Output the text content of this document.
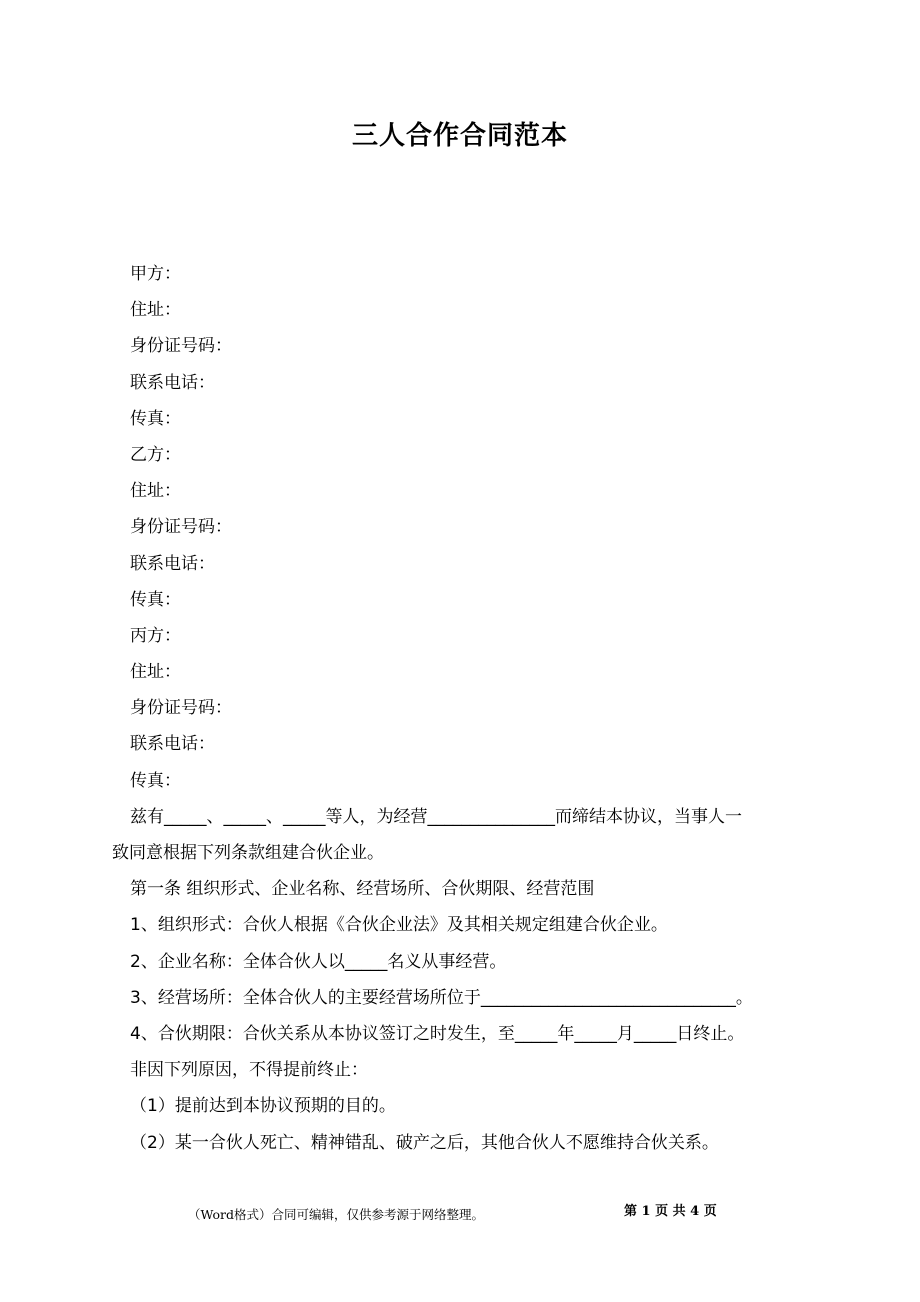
三人合作合同范本
甲方：
住址：
身份证号码：
联系电话：
传真：
乙方：
住址：
身份证号码：
联系电话：
传真：
丙方：
住址：
身份证号码：
联系电话：
传真：
兹有_____、_____、_____等人，为经营_______________而缔结本协议，当事人一
致同意根据下列条款组建合伙企业。
第一条 组织形式、企业名称、经营场所、合伙期限、经营范围
1、组织形式：合伙人根据《合伙企业法》及其相关规定组建合伙企业。
2、企业名称：全体合伙人以_____名义从事经营。
3、经营场所：全体合伙人的主要经营场所位于______________________________。
4、合伙期限：合伙关系从本协议签订之时发生，至_____年_____月_____日终止。
非因下列原因，不得提前终止：
（1）提前达到本协议预期的目的。
（2）某一合伙人死亡、精神错乱、破产之后，其他合伙人不愿维持合伙关系。
（Word格式）合同可编辑，仅供参考源于网络整理。	第 1 页 共 4 页
